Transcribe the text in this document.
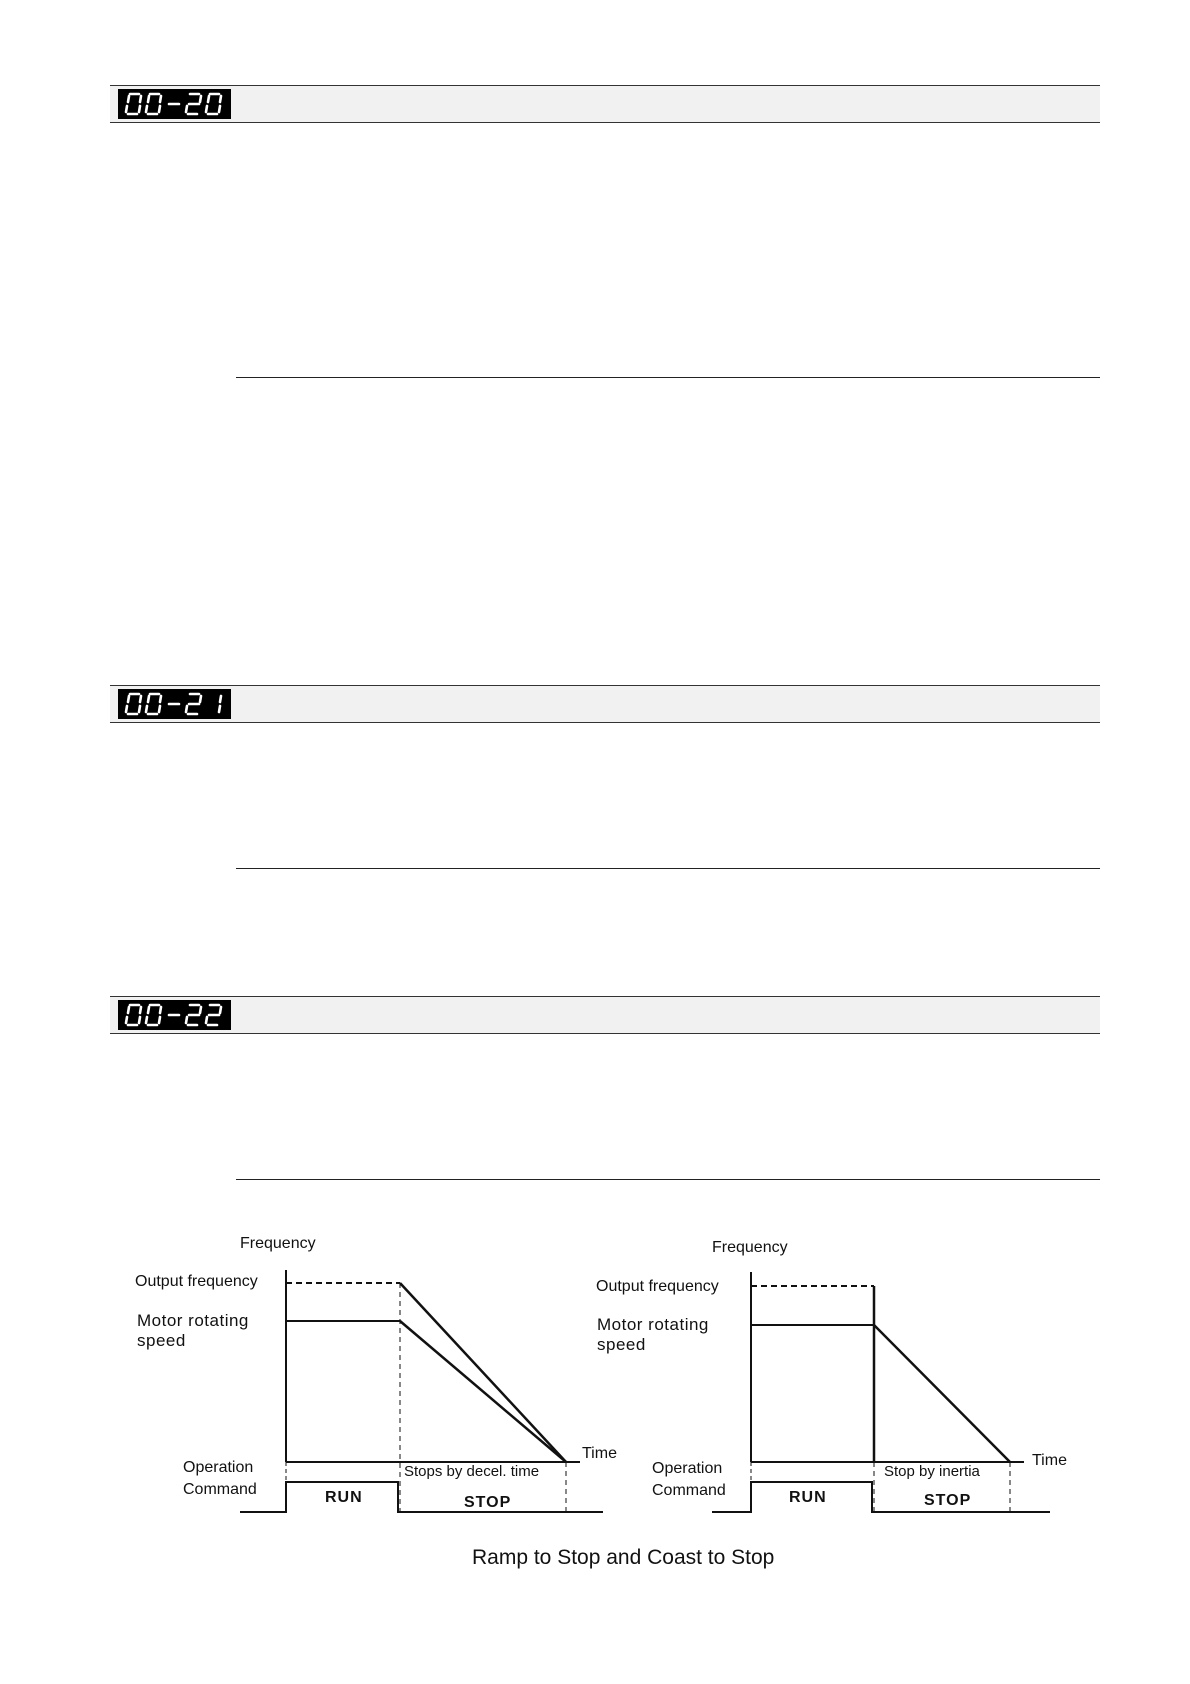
Frequency
Output frequency
Motor rotating
speed
Time
Operation
Command	RUN	STOP
Stops by decel. time
Frequency
Output frequency
Motor rotating
speed
Time
Operation
Command	RUN	STOP
Stop by inertia
Ramp to Stop and Coast to Stop
